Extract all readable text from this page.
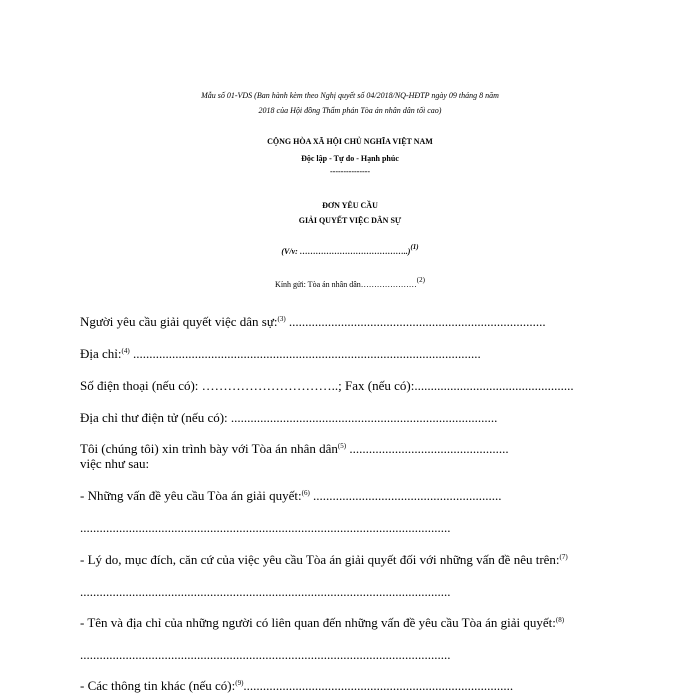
Mẫu số 01-VDS (Ban hành kèm theo Nghị quyết số 04/2018/NQ-HĐTP ngày 09 tháng 8 năm
2018 của Hội đồng Thẩm phán Tòa án nhân dân tối cao)
CỘNG HÒA XÃ HỘI CHỦ NGHĨA VIỆT NAM
Độc lập - Tự do - Hạnh phúc
---------------
ĐƠN YÊU CẦU
GIẢI QUYẾT VIỆC DÂN SỰ
(V/v: …………………………………..)$^{(1)}$
Kính gửi: Tòa án nhân dân…………………$^{(2)}$
Người yêu cầu giải quyết việc dân sự:$^{(3)}$ ...............................................................................
Địa chỉ:$^{(4)}$ ...........................................................................................................
Số điện thoại (nếu có): …………………………..; Fax (nếu có):.................................................
Địa chỉ thư điện tử (nếu có): ..................................................................................
Tôi (chúng tôi) xin trình bày với Tòa án nhân dân$^{(5)}$ .................................................
việc như sau:
- Những vấn đề yêu cầu Tòa án giải quyết:$^{(6)}$ ..........................................................
..................................................................................................................
- Lý do, mục đích, căn cứ của việc yêu cầu Tòa án giải quyết đối với những vấn đề nêu trên:$^{(7)}$
..................................................................................................................
- Tên và địa chỉ của những người có liên quan đến những vấn đề yêu cầu Tòa án giải quyết:$^{(8)}$
..................................................................................................................
- Các thông tin khác (nếu có):$^{(9)}$...................................................................................
